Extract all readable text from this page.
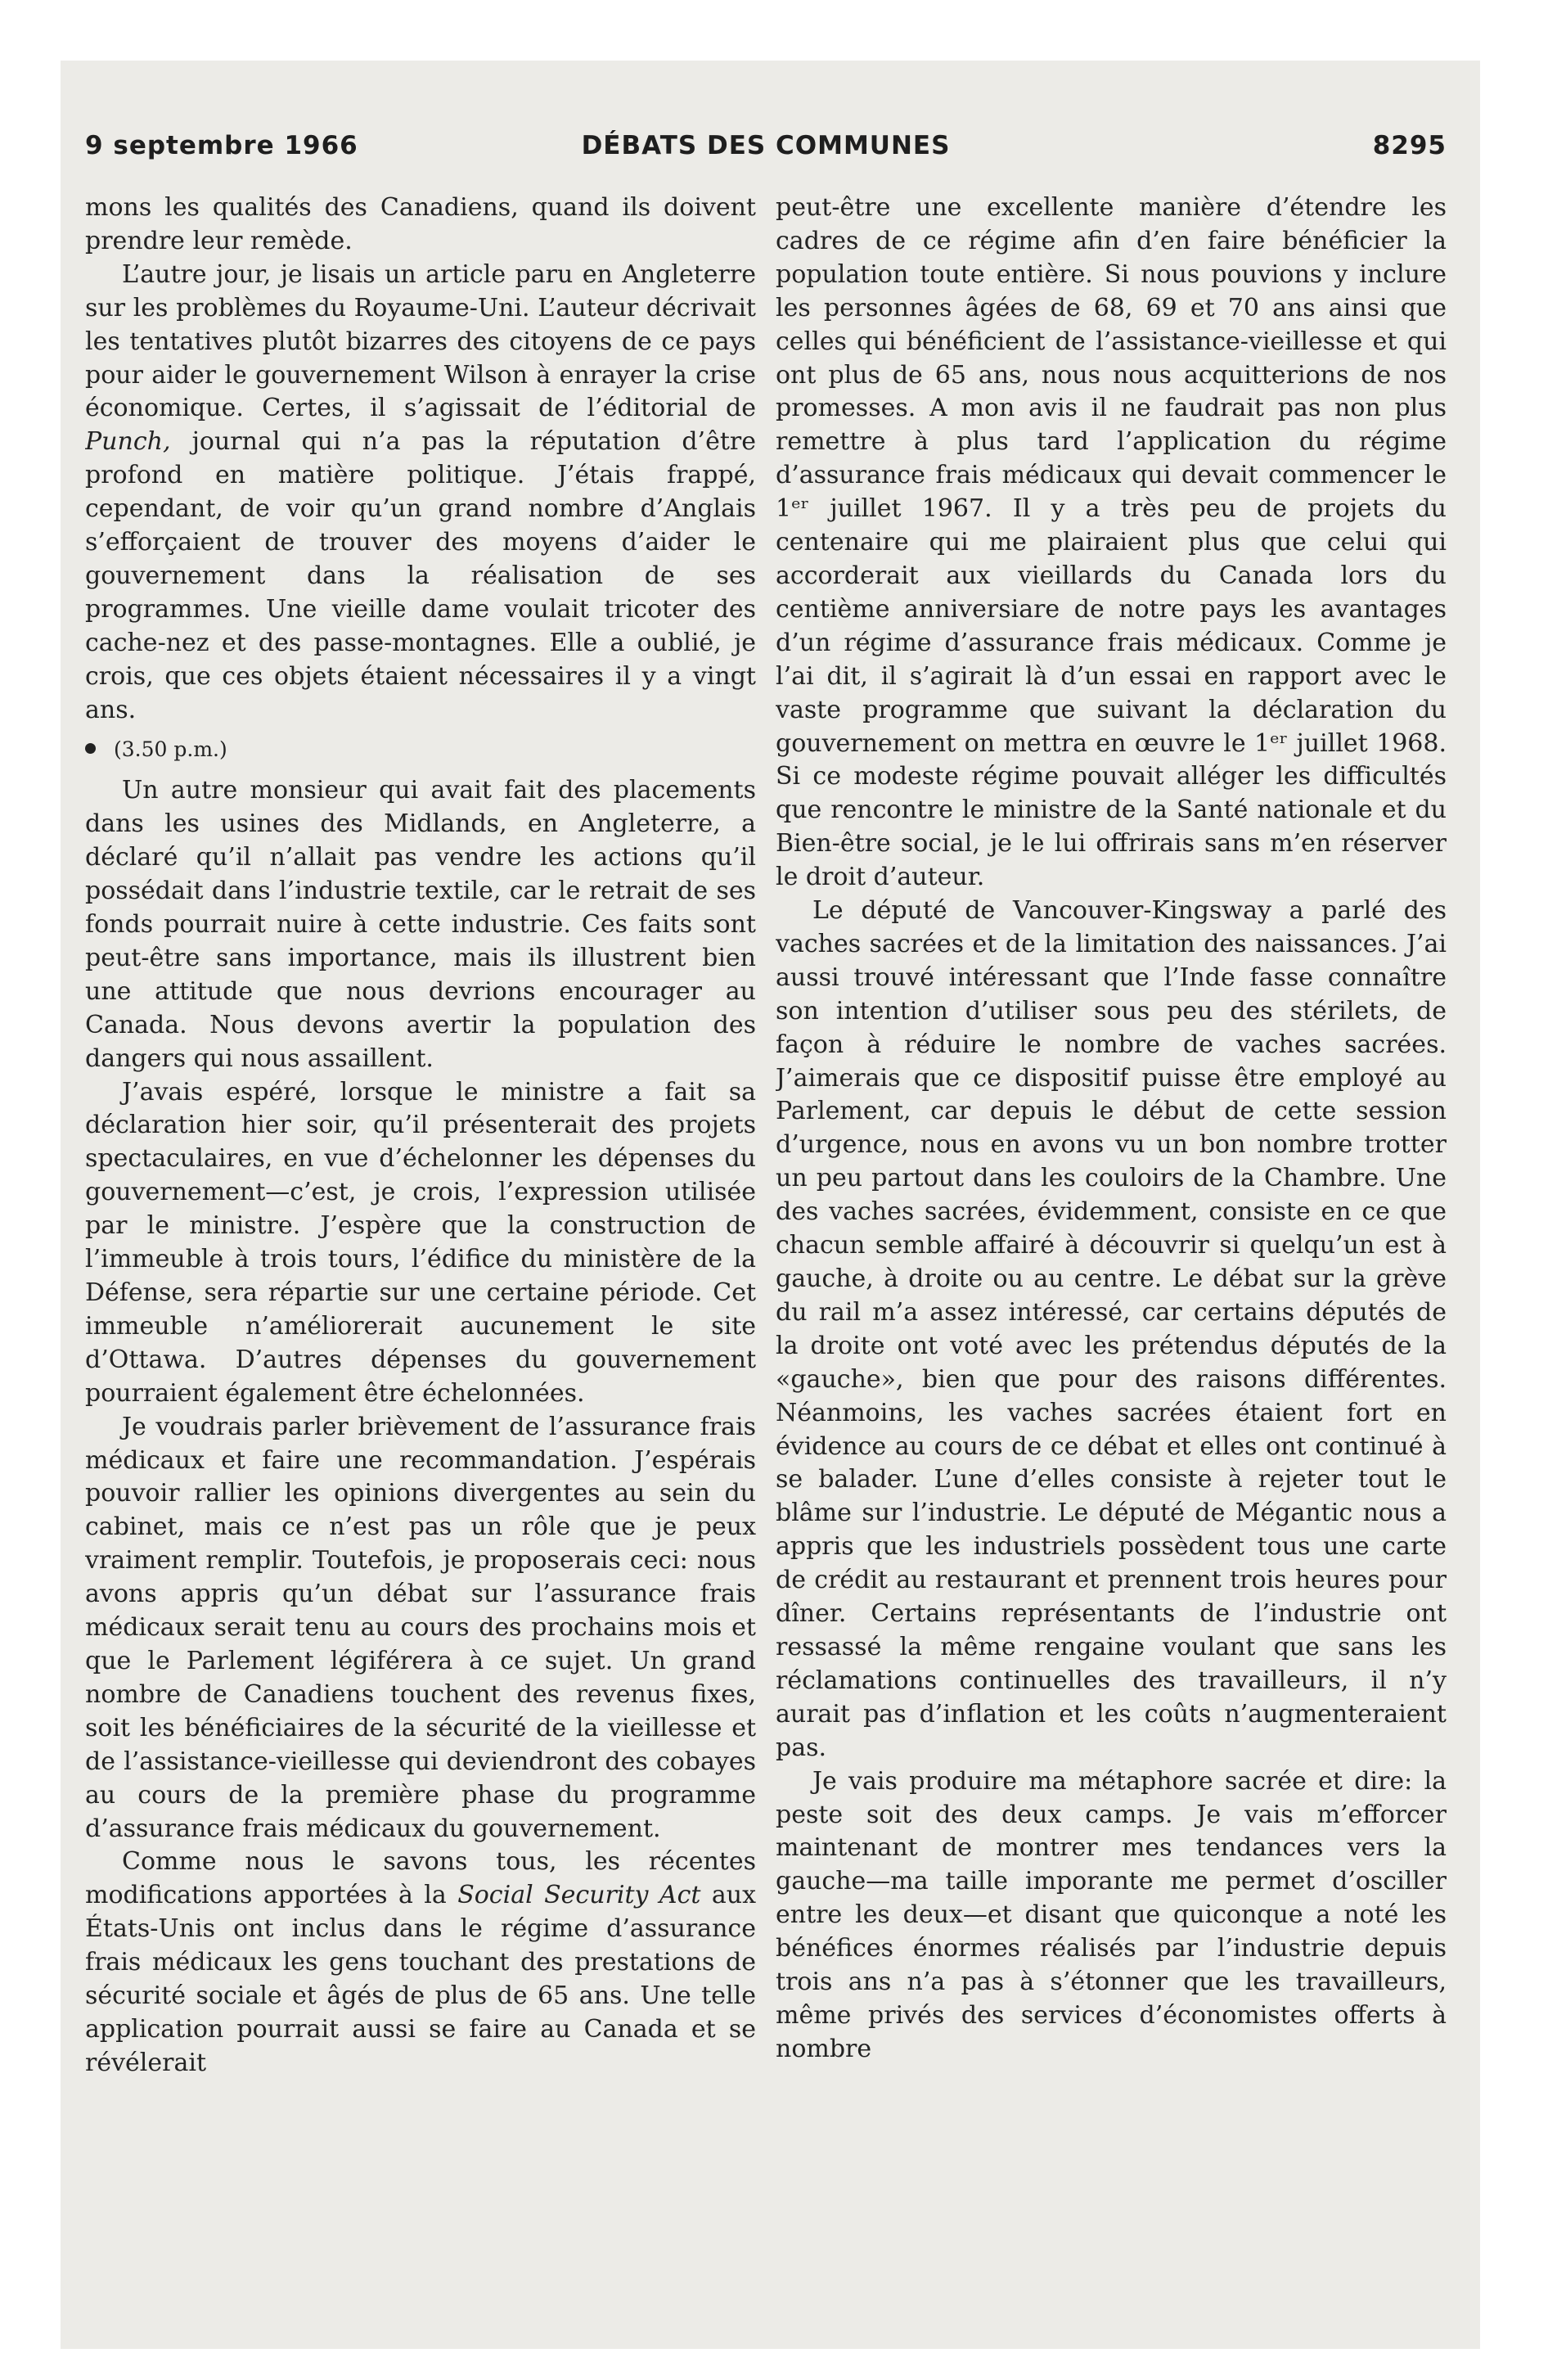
9 septembre 1966	DÉBATS DES COMMUNES	8295

mons les qualités des Canadiens, quand ils doivent prendre leur remède.

L’autre jour, je lisais un article paru en Angleterre sur les problèmes du Royaume-Uni. L’auteur décrivait les tentatives plutôt bizarres des citoyens de ce pays pour aider le gouvernement Wilson à enrayer la crise économique. Certes, il s’agissait de l’éditorial de Punch, journal qui n’a pas la réputation d’être profond en matière politique. J’étais frappé, cependant, de voir qu’un grand nombre d’Anglais s’efforçaient de trouver des moyens d’aider le gouvernement dans la réalisation de ses programmes. Une vieille dame voulait tricoter des cache-nez et des passe-montagnes. Elle a oublié, je crois, que ces objets étaient nécessaires il y a vingt ans.

(3.50 p.m.)

Un autre monsieur qui avait fait des placements dans les usines des Midlands, en Angleterre, a déclaré qu’il n’allait pas vendre les actions qu’il possédait dans l’industrie textile, car le retrait de ses fonds pourrait nuire à cette industrie. Ces faits sont peut-être sans importance, mais ils illustrent bien une attitude que nous devrions encourager au Canada. Nous devons avertir la population des dangers qui nous assaillent.

J’avais espéré, lorsque le ministre a fait sa déclaration hier soir, qu’il présenterait des projets spectaculaires, en vue d’échelonner les dépenses du gouvernement—c’est, je crois, l’expression utilisée par le ministre. J’espère que la construction de l’immeuble à trois tours, l’édifice du ministère de la Défense, sera répartie sur une certaine période. Cet immeuble n’améliorerait aucunement le site d’Ottawa. D’autres dépenses du gouvernement pourraient également être échelonnées.

Je voudrais parler brièvement de l’assurance frais médicaux et faire une recommandation. J’espérais pouvoir rallier les opinions divergentes au sein du cabinet, mais ce n’est pas un rôle que je peux vraiment remplir. Toutefois, je proposerais ceci: nous avons appris qu’un débat sur l’assurance frais médicaux serait tenu au cours des prochains mois et que le Parlement légiférera à ce sujet. Un grand nombre de Canadiens touchent des revenus fixes, soit les bénéficiaires de la sécurité de la vieillesse et de l’assistance-vieillesse qui deviendront des cobayes au cours de la première phase du programme d’assurance frais médicaux du gouvernement.

Comme nous le savons tous, les récentes modifications apportées à la Social Security Act aux États-Unis ont inclus dans le régime d’assurance frais médicaux les gens touchant des prestations de sécurité sociale et âgés de plus de 65 ans. Une telle application pourrait aussi se faire au Canada et se révélerait

peut-être une excellente manière d’étendre les cadres de ce régime afin d’en faire bénéficier la population toute entière. Si nous pouvions y inclure les personnes âgées de 68, 69 et 70 ans ainsi que celles qui bénéficient de l’assistance-vieillesse et qui ont plus de 65 ans, nous nous acquitterions de nos promesses. A mon avis il ne faudrait pas non plus remettre à plus tard l’application du régime d’assurance frais médicaux qui devait commencer le 1ᵉʳ juillet 1967. Il y a très peu de projets du centenaire qui me plairaient plus que celui qui accorderait aux vieillards du Canada lors du centième anniversiare de notre pays les avantages d’un régime d’assurance frais médicaux. Comme je l’ai dit, il s’agirait là d’un essai en rapport avec le vaste programme que suivant la déclaration du gouvernement on mettra en œuvre le 1ᵉʳ juillet 1968. Si ce modeste régime pouvait alléger les difficultés que rencontre le ministre de la Santé nationale et du Bien-être social, je le lui offrirais sans m’en réserver le droit d’auteur.

Le député de Vancouver-Kingsway a parlé des vaches sacrées et de la limitation des naissances. J’ai aussi trouvé intéressant que l’Inde fasse connaître son intention d’utiliser sous peu des stérilets, de façon à réduire le nombre de vaches sacrées. J’aimerais que ce dispositif puisse être employé au Parlement, car depuis le début de cette session d’urgence, nous en avons vu un bon nombre trotter un peu partout dans les couloirs de la Chambre. Une des vaches sacrées, évidemment, consiste en ce que chacun semble affairé à découvrir si quelqu’un est à gauche, à droite ou au centre. Le débat sur la grève du rail m’a assez intéressé, car certains députés de la droite ont voté avec les prétendus députés de la «gauche», bien que pour des raisons différentes. Néanmoins, les vaches sacrées étaient fort en évidence au cours de ce débat et elles ont continué à se balader. L’une d’elles consiste à rejeter tout le blâme sur l’industrie. Le député de Mégantic nous a appris que les industriels possèdent tous une carte de crédit au restaurant et prennent trois heures pour dîner. Certains représentants de l’industrie ont ressassé la même rengaine voulant que sans les réclamations continuelles des travailleurs, il n’y aurait pas d’inflation et les coûts n’augmenteraient pas.

Je vais produire ma métaphore sacrée et dire: la peste soit des deux camps. Je vais m’efforcer maintenant de montrer mes tendances vers la gauche—ma taille imporante me permet d’osciller entre les deux—et disant que quiconque a noté les bénéfices énormes réalisés par l’industrie depuis trois ans n’a pas à s’étonner que les travailleurs, même privés des services d’économistes offerts à nombre
